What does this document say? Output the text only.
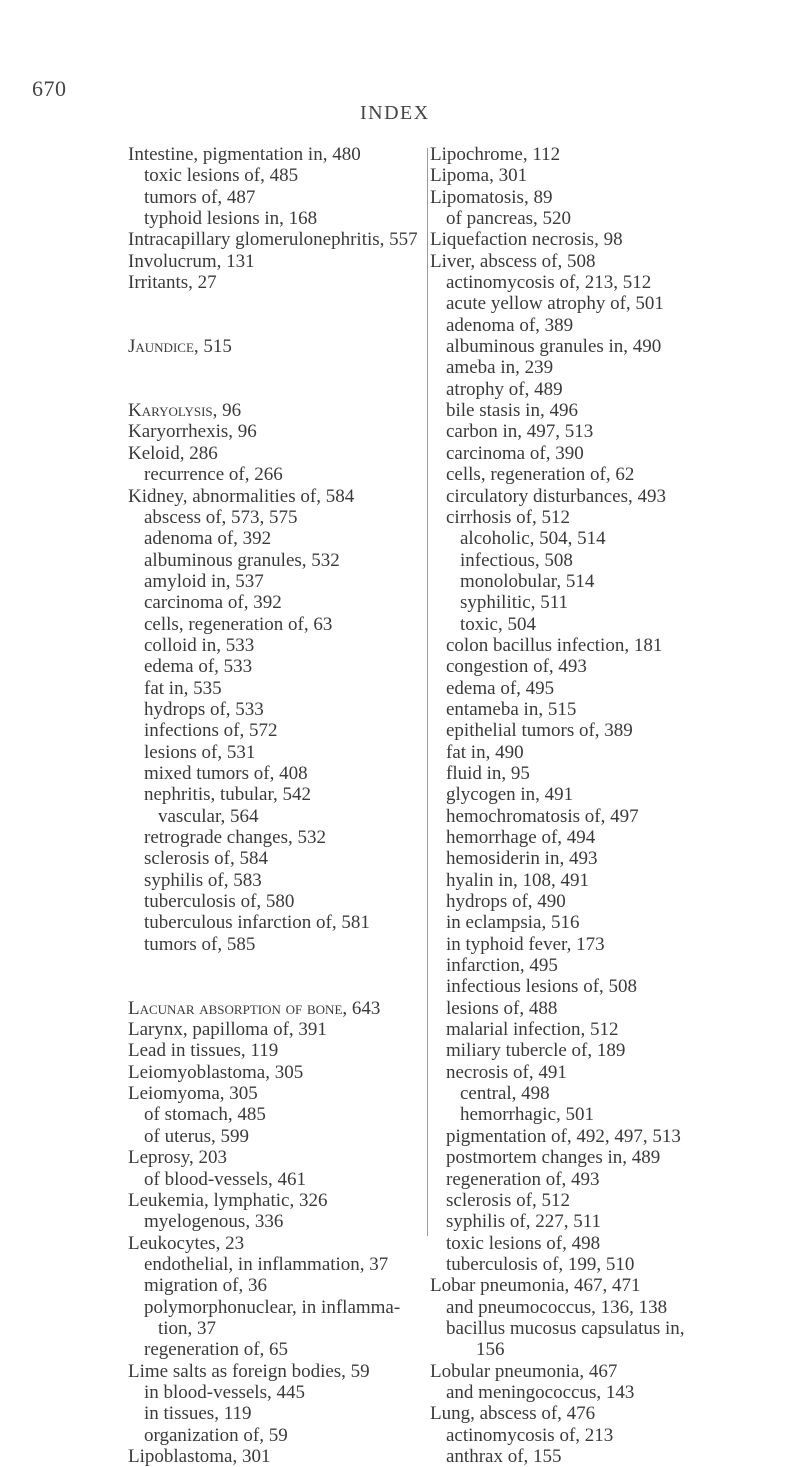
670
INDEX
Intestine, pigmentation in, 480
toxic lesions of, 485
tumors of, 487
typhoid lesions in, 168
Intracapillary glomerulonephritis, 557
Involucrum, 131
Irritants, 27
Jaundice, 515
Karyolysis, 96
Karyorrhexis, 96
Keloid, 286
recurrence of, 266
Kidney, abnormalities of, 584
abscess of, 573, 575
adenoma of, 392
albuminous granules, 532
amyloid in, 537
carcinoma of, 392
cells, regeneration of, 63
colloid in, 533
edema of, 533
fat in, 535
hydrops of, 533
infections of, 572
lesions of, 531
mixed tumors of, 408
nephritis, tubular, 542
vascular, 564
retrograde changes, 532
sclerosis of, 584
syphilis of, 583
tuberculosis of, 580
tuberculous infarction of, 581
tumors of, 585
Lacunar absorption of bone, 643
Larynx, papilloma of, 391
Lead in tissues, 119
Leiomyoblastoma, 305
Leiomyoma, 305
of stomach, 485
of uterus, 599
Leprosy, 203
of blood-vessels, 461
Leukemia, lymphatic, 326
myelogenous, 336
Leukocytes, 23
endothelial, in inflammation, 37
migration of, 36
polymorphonuclear, in inflamma-
tion, 37
regeneration of, 65
Lime salts as foreign bodies, 59
in blood-vessels, 445
in tissues, 119
organization of, 59
Lipoblastoma, 301
Lipochrome, 112
Lipoma, 301
Lipomatosis, 89
of pancreas, 520
Liquefaction necrosis, 98
Liver, abscess of, 508
actinomycosis of, 213, 512
acute yellow atrophy of, 501
adenoma of, 389
albuminous granules in, 490
ameba in, 239
atrophy of, 489
bile stasis in, 496
carbon in, 497, 513
carcinoma of, 390
cells, regeneration of, 62
circulatory disturbances, 493
cirrhosis of, 512
alcoholic, 504, 514
infectious, 508
monolobular, 514
syphilitic, 511
toxic, 504
colon bacillus infection, 181
congestion of, 493
edema of, 495
entameba in, 515
epithelial tumors of, 389
fat in, 490
fluid in, 95
glycogen in, 491
hemochromatosis of, 497
hemorrhage of, 494
hemosiderin in, 493
hyalin in, 108, 491
hydrops of, 490
in eclampsia, 516
in typhoid fever, 173
infarction, 495
infectious lesions of, 508
lesions of, 488
malarial infection, 512
miliary tubercle of, 189
necrosis of, 491
central, 498
hemorrhagic, 501
pigmentation of, 492, 497, 513
postmortem changes in, 489
regeneration of, 493
sclerosis of, 512
syphilis of, 227, 511
toxic lesions of, 498
tuberculosis of, 199, 510
Lobar pneumonia, 467, 471
and pneumococcus, 136, 138
bacillus mucosus capsulatus in,
156
Lobular pneumonia, 467
and meningococcus, 143
Lung, abscess of, 476
actinomycosis of, 213
anthrax of, 155
